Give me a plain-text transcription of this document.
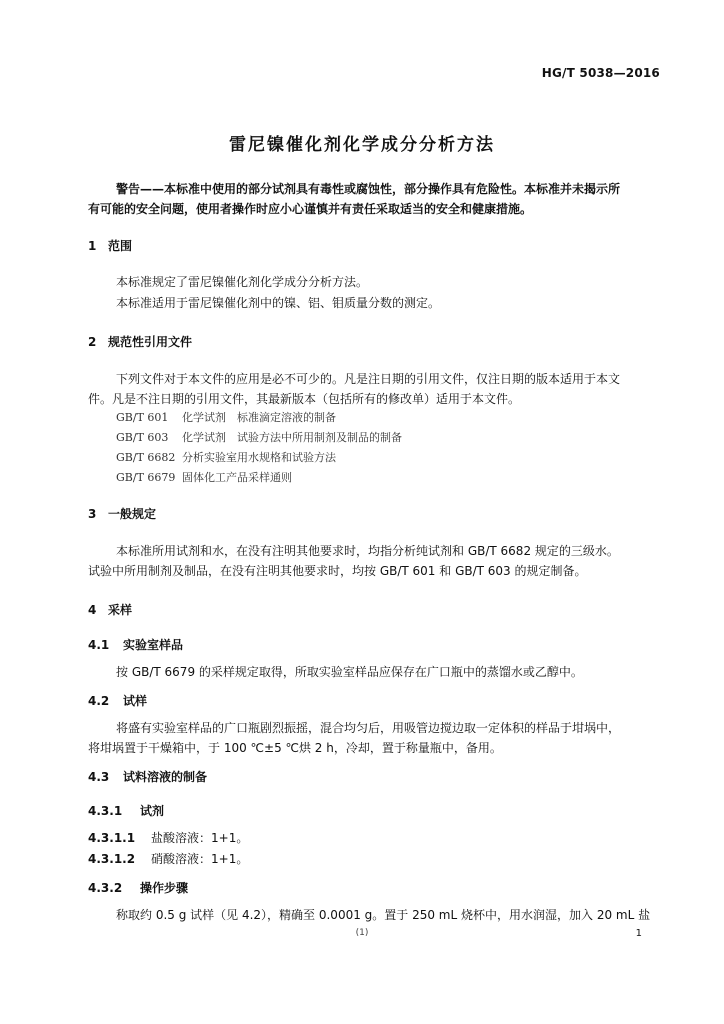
HG/T 5038—2016
雷尼镍催化剂化学成分分析方法
警告——本标准中使用的部分试剂具有毒性或腐蚀性，部分操作具有危险性。本标准并未揭示所
有可能的安全问题，使用者操作时应小心谨慎并有责任采取适当的安全和健康措施。
1 范围
本标准规定了雷尼镍催化剂化学成分分析方法。
本标准适用于雷尼镍催化剂中的镍、铝、钼质量分数的测定。
2 规范性引用文件
下列文件对于本文件的应用是必不可少的。凡是注日期的引用文件，仅注日期的版本适用于本文
件。凡是不注日期的引用文件，其最新版本（包括所有的修改单）适用于本文件。
GB/T 601 化学试剂　标准滴定溶液的制备
GB/T 603 化学试剂　试验方法中所用制剂及制品的制备
GB/T 6682 分析实验室用水规格和试验方法
GB/T 6679 固体化工产品采样通则
3 一般规定
本标准所用试剂和水，在没有注明其他要求时，均指分析纯试剂和 GB/T 6682 规定的三级水。
试验中所用制剂及制品，在没有注明其他要求时，均按 GB/T 601 和 GB/T 603 的规定制备。
4 采样
4.1 实验室样品
按 GB/T 6679 的采样规定取得，所取实验室样品应保存在广口瓶中的蒸馏水或乙醇中。
4.2 试样
将盛有实验室样品的广口瓶剧烈振摇，混合均匀后，用吸管边搅边取一定体积的样品于坩埚中，
将坩埚置于干燥箱中，于 100 ℃±5 ℃烘 2 h，冷却，置于称量瓶中，备用。
4.3 试料溶液的制备
4.3.1 试剂
4.3.1.1 盐酸溶液：1+1。
4.3.1.2 硝酸溶液：1+1。
4.3.2 操作步骤
称取约 0.5 g 试样（见 4.2），精确至 0.0001 g。置于 250 mL 烧杯中，用水润湿，加入 20 mL 盐
(1)	1
